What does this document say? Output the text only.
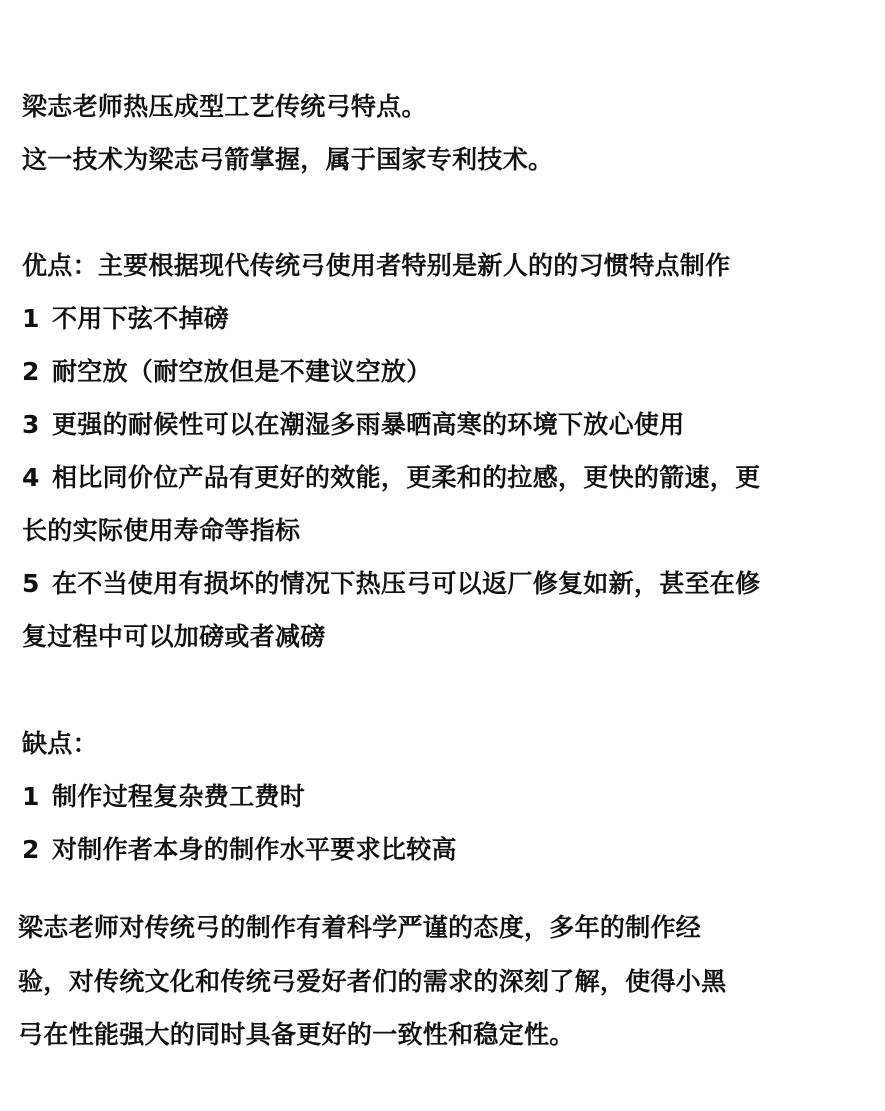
梁志老师热压成型工艺传统弓特点。
这一技术为梁志弓箭掌握，属于国家专利技术。
优点：主要根据现代传统弓使用者特别是新人的的习惯特点制作
1 不用下弦不掉磅
2 耐空放（耐空放但是不建议空放）
3 更强的耐候性可以在潮湿多雨暴晒高寒的环境下放心使用
4 相比同价位产品有更好的效能，更柔和的拉感，更快的箭速，更
长的实际使用寿命等指标
5 在不当使用有损坏的情况下热压弓可以返厂修复如新，甚至在修
复过程中可以加磅或者减磅
缺点：
1 制作过程复杂费工费时
2 对制作者本身的制作水平要求比较高
梁志老师对传统弓的制作有着科学严谨的态度，多年的制作经
验，对传统文化和传统弓爱好者们的需求的深刻了解，使得小黑
弓在性能强大的同时具备更好的一致性和稳定性。
